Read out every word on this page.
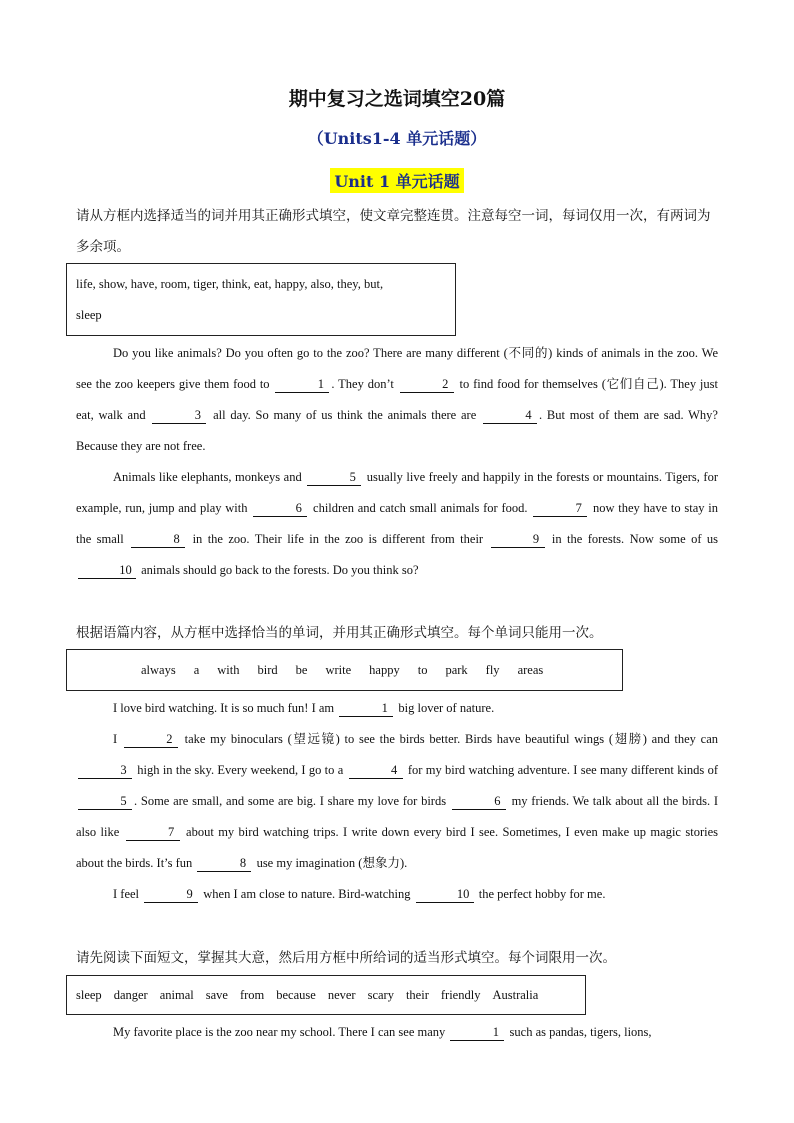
期中复习之选词填空20篇
（Units1-4 单元话题）
Unit 1 单元话题
请从方框内选择适当的词并用其正确形式填空，使文章完整连贯。注意每空一词，每词仅用一次，有两词为多余项。
life, show, have, room, tiger, think, eat, happy, also, they, but,
sleep

Do you like animals? Do you often go to the zoo? There are many different (不同的) kinds of animals in the zoo. We see the zoo keepers give them food to	1 . They don’t	2 to find food for themselves (它们自己). They just eat, walk and	3 all day. So many of us think the animals there are	4 . But most of them are sad. Why? Because they are not free.

Animals like elephants, monkeys and	5 usually live freely and happily in the forests or mountains. Tigers, for example, run, jump and play with	6 children and catch small animals for food.	7 now they have to stay in the small	8 in the zoo. Their life in the zoo is different from their	9 in the forests. Now some of us 10 animals should go back to the forests. Do you think so?

根据语篇内容，从方框中选择恰当的单词，并用其正确形式填空。每个单词只能用一次。
always a with bird be write happy to park fly areas

I love bird watching. It is so much fun! I am	1 big lover of nature.

I	2 take my binoculars (望远镜) to see the birds better. Birds have beautiful wings (翅膀) and they can 3 high in the sky. Every weekend, I go to a	4 for my bird watching adventure. I see many different kinds of 5 . Some are small, and some are big. I share my love for birds	6 my friends. We talk about all the birds. I also like	7 about my bird watching trips. I write down every bird I see. Sometimes, I even make up magic stories about the birds. It’s fun	8 use my imagination (想象力).

I feel	9 when I am close to nature. Bird-watching	10 the perfect hobby for me.

请先阅读下面短文，掌握其大意，然后用方框中所给词的适当形式填空。每个词限用一次。
sleep danger animal save from because never scary their friendly Australia

My favorite place is the zoo near my school. There I can see many	1 such as pandas, tigers, lions,
